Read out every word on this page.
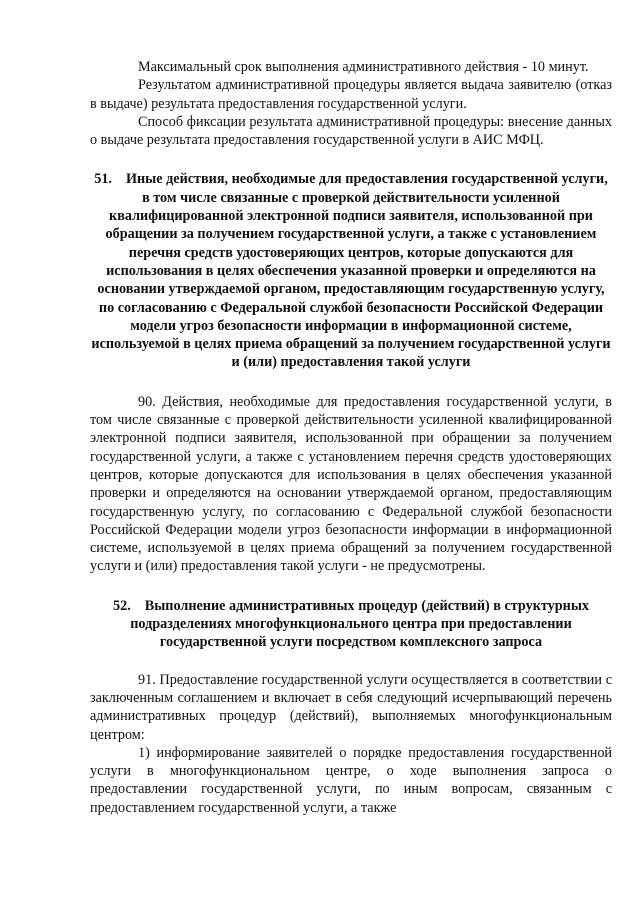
Максимальный срок выполнения административного действия - 10 минут.

Результатом административной процедуры является выдача заявителю (отказ в выдаче) результата предоставления государственной услуги.

Способ фиксации результата административной процедуры: внесение данных о выдаче результата предоставления государственной услуги в АИС МФЦ.

51. Иные действия, необходимые для предоставления государственной услуги, в том числе связанные с проверкой действительности усиленной квалифицированной электронной подписи заявителя, использованной при обращении за получением государственной услуги, а также с установлением перечня средств удостоверяющих центров, которые допускаются для использования в целях обеспечения указанной проверки и определяются на основании утверждаемой органом, предоставляющим государственную услугу, по согласованию с Федеральной службой безопасности Российской Федерации модели угроз безопасности информации в информационной системе, используемой в целях приема обращений за получением государственной услуги и (или) предоставления такой услуги

90. Действия, необходимые для предоставления государственной услуги, в том числе связанные с проверкой действительности усиленной квалифицированной электронной подписи заявителя, использованной при обращении за получением государственной услуги, а также с установлением перечня средств удостоверяющих центров, которые допускаются для использования в целях обеспечения указанной проверки и определяются на основании утверждаемой органом, предоставляющим государственную услугу, по согласованию с Федеральной службой безопасности Российской Федерации модели угроз безопасности информации в информационной системе, используемой в целях приема обращений за получением государственной услуги и (или) предоставления такой услуги - не предусмотрены.

52. Выполнение административных процедур (действий) в структурных подразделениях многофункционального центра при предоставлении государственной услуги посредством комплексного запроса

91. Предоставление государственной услуги осуществляется в соответствии с заключенным соглашением и включает в себя следующий исчерпывающий перечень административных процедур (действий), выполняемых многофункциональным центром:

1) информирование заявителей о порядке предоставления государственной услуги в многофункциональном центре, о ходе выполнения запроса о предоставлении государственной услуги, по иным вопросам, связанным с предоставлением государственной услуги, а также
